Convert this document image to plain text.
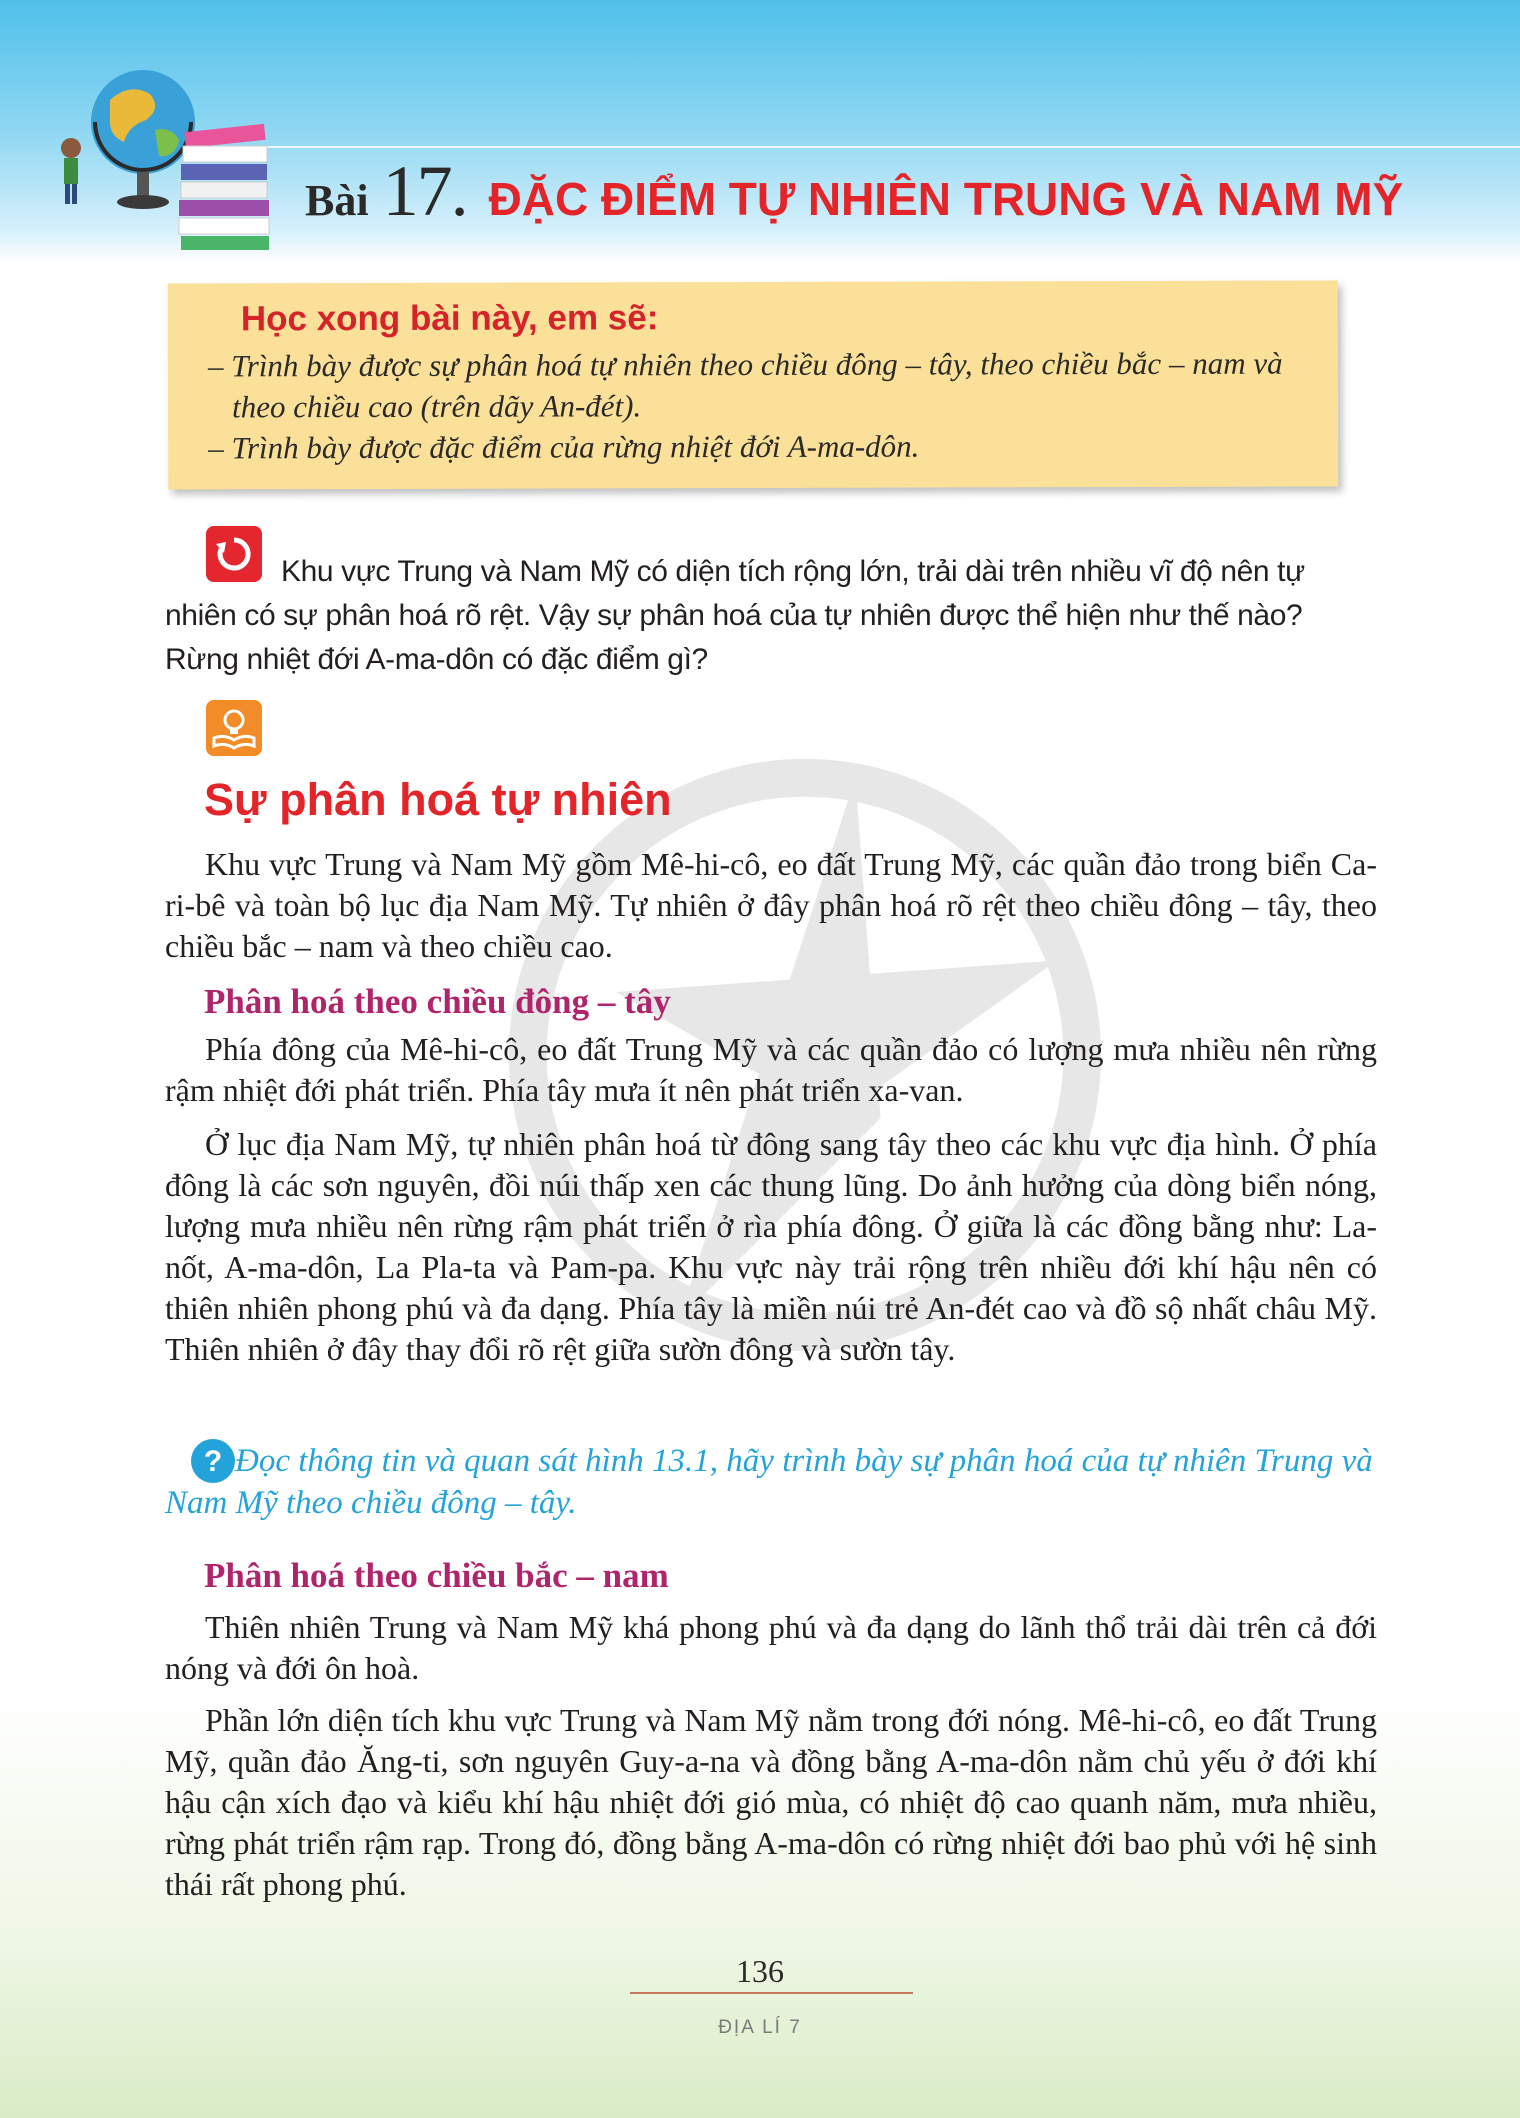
Bài 17. ĐẶC ĐIỂM TỰ NHIÊN TRUNG VÀ NAM MỸ
Học xong bài này, em sẽ:
– Trình bày được sự phân hoá tự nhiên theo chiều đông – tây, theo chiều bắc – nam và theo chiều cao (trên dãy An-đét).
– Trình bày được đặc điểm của rừng nhiệt đới A-ma-dôn.

Khu vực Trung và Nam Mỹ có diện tích rộng lớn, trải dài trên nhiều vĩ độ nên tự nhiên có sự phân hoá rõ rệt. Vậy sự phân hoá của tự nhiên được thể hiện như thế nào? Rừng nhiệt đới A-ma-dôn có đặc điểm gì?

Sự phân hoá tự nhiên

Khu vực Trung và Nam Mỹ gồm Mê-hi-cô, eo đất Trung Mỹ, các quần đảo trong biển Ca-ri-bê và toàn bộ lục địa Nam Mỹ. Tự nhiên ở đây phân hoá rõ rệt theo chiều đông – tây, theo chiều bắc – nam và theo chiều cao.

Phân hoá theo chiều đông – tây

Phía đông của Mê-hi-cô, eo đất Trung Mỹ và các quần đảo có lượng mưa nhiều nên rừng rậm nhiệt đới phát triển. Phía tây mưa ít nên phát triển xa-van.

Ở lục địa Nam Mỹ, tự nhiên phân hoá từ đông sang tây theo các khu vực địa hình. Ở phía đông là các sơn nguyên, đồi núi thấp xen các thung lũng. Do ảnh hưởng của dòng biển nóng, lượng mưa nhiều nên rừng rậm phát triển ở rìa phía đông. Ở giữa là các đồng bằng như: La-nốt, A-ma-dôn, La Pla-ta và Pam-pa. Khu vực này trải rộng trên nhiều đới khí hậu nên có thiên nhiên phong phú và đa dạng. Phía tây là miền núi trẻ An-đét cao và đồ sộ nhất châu Mỹ. Thiên nhiên ở đây thay đổi rõ rệt giữa sườn đông và sườn tây.

? Đọc thông tin và quan sát hình 13.1, hãy trình bày sự phân hoá của tự nhiên Trung và Nam Mỹ theo chiều đông – tây.

Phân hoá theo chiều bắc – nam

Thiên nhiên Trung và Nam Mỹ khá phong phú và đa dạng do lãnh thổ trải dài trên cả đới nóng và đới ôn hoà.

Phần lớn diện tích khu vực Trung và Nam Mỹ nằm trong đới nóng. Mê-hi-cô, eo đất Trung Mỹ, quần đảo Ăng-ti, sơn nguyên Guy-a-na và đồng bằng A-ma-dôn nằm chủ yếu ở đới khí hậu cận xích đạo và kiểu khí hậu nhiệt đới gió mùa, có nhiệt độ cao quanh năm, mưa nhiều, rừng phát triển rậm rạp. Trong đó, đồng bằng A-ma-dôn có rừng nhiệt đới bao phủ với hệ sinh thái rất phong phú.

136
ĐỊA LÍ 7
